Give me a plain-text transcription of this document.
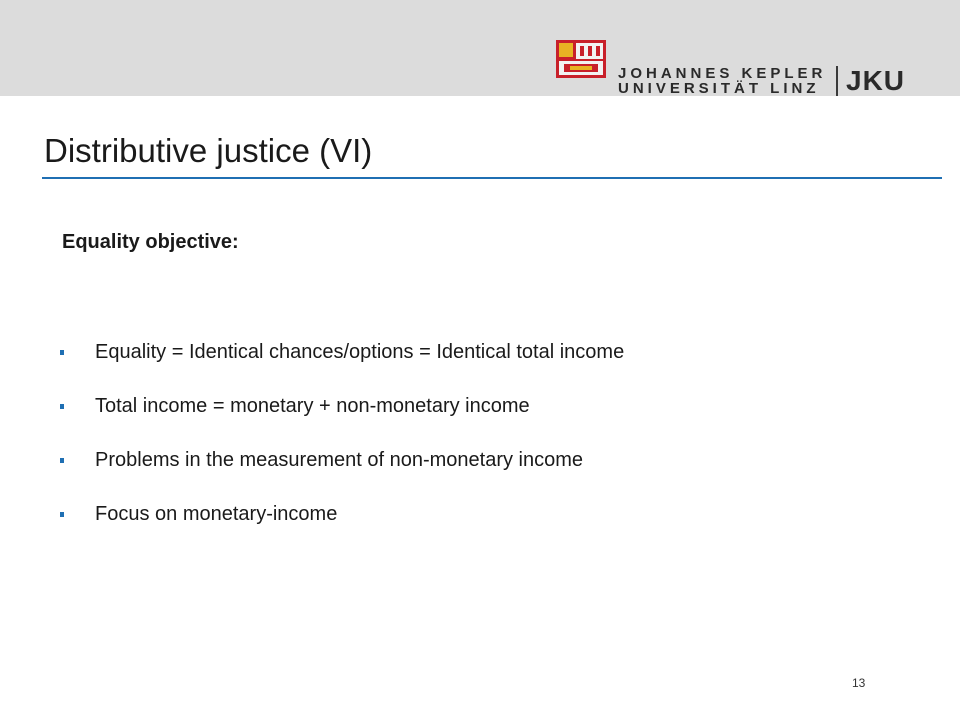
JOHANNES KEPLER
UNIVERSITÄT LINZ JKU
Distributive justice (VI)
Equality objective:
Equality = Identical chances/options = Identical total income
Total income = monetary + non-monetary income
Problems in the measurement of non-monetary income
Focus on monetary-income
13
